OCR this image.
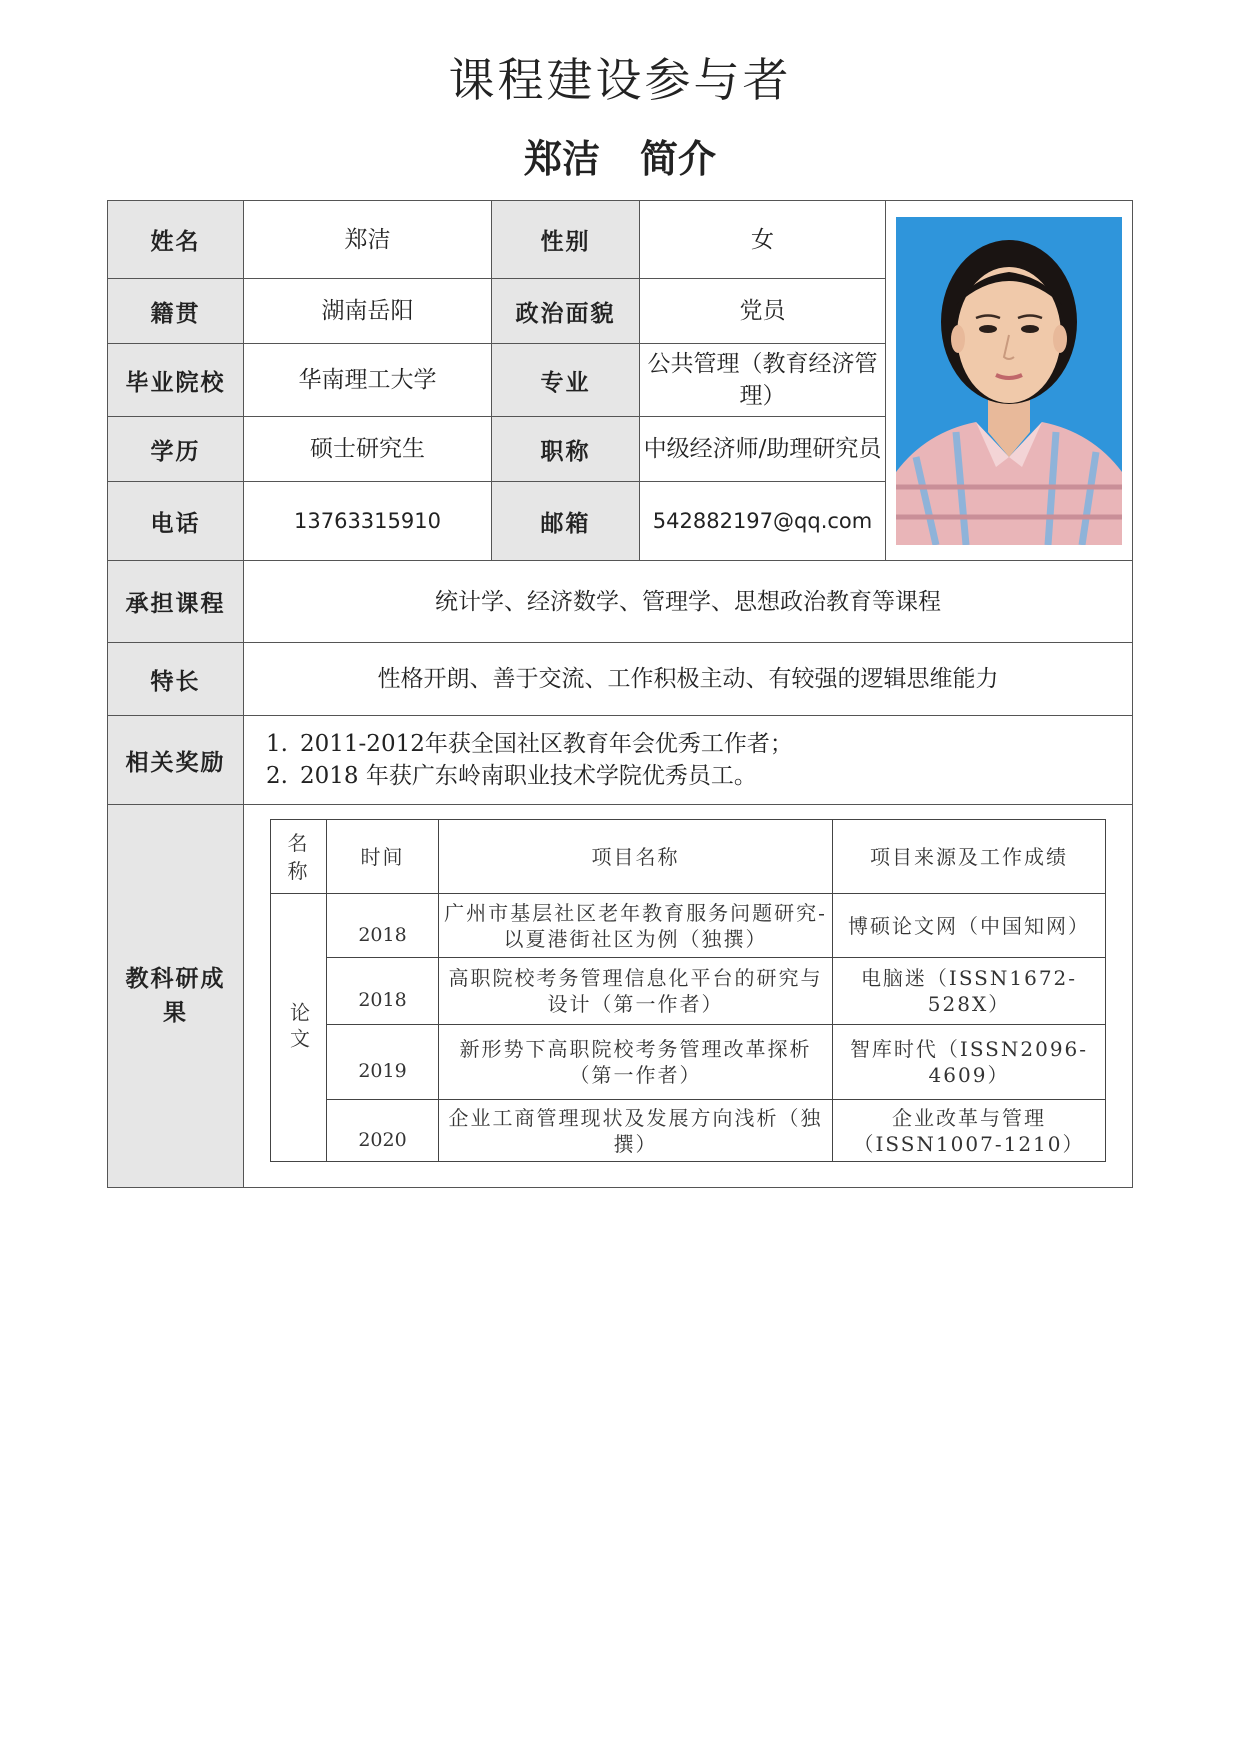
课程建设参与者
郑洁 简介
姓名	郑洁	性别	女	

籍贯	湖南岳阳	政治面貌	党员
毕业院校	华南理工大学	专业	公共管理（教育经济管理）
学历	硕士研究生	职称	中级经济师/助理研究员
电话	13763315910	邮箱	542882197@qq.com
承担课程	统计学、经济数学、管理学、思想政治教育等课程
特长	性格开朗、善于交流、工作积极主动、有较强的逻辑思维能力
相关奖励	
1. 2011-2012年获全国社区教育年会优秀工作者；
2. 2018 年获广东岭南职业技术学院优秀员工。

教科研成果	
名称	时间	项目名称	项目来源及工作成绩
论文	2018	广州市基层社区老年教育服务问题研究-以夏港街社区为例（独撰）	博硕论文网（中国知网）
2018	高职院校考务管理信息化平台的研究与设计（第一作者）	电脑迷（ISSN1672-528X）
2019	新形势下高职院校考务管理改革探析（第一作者）	智库时代（ISSN2096-4609）
2020	企业工商管理现状及发展方向浅析（独撰）	企业改革与管理（ISSN1007-1210）
